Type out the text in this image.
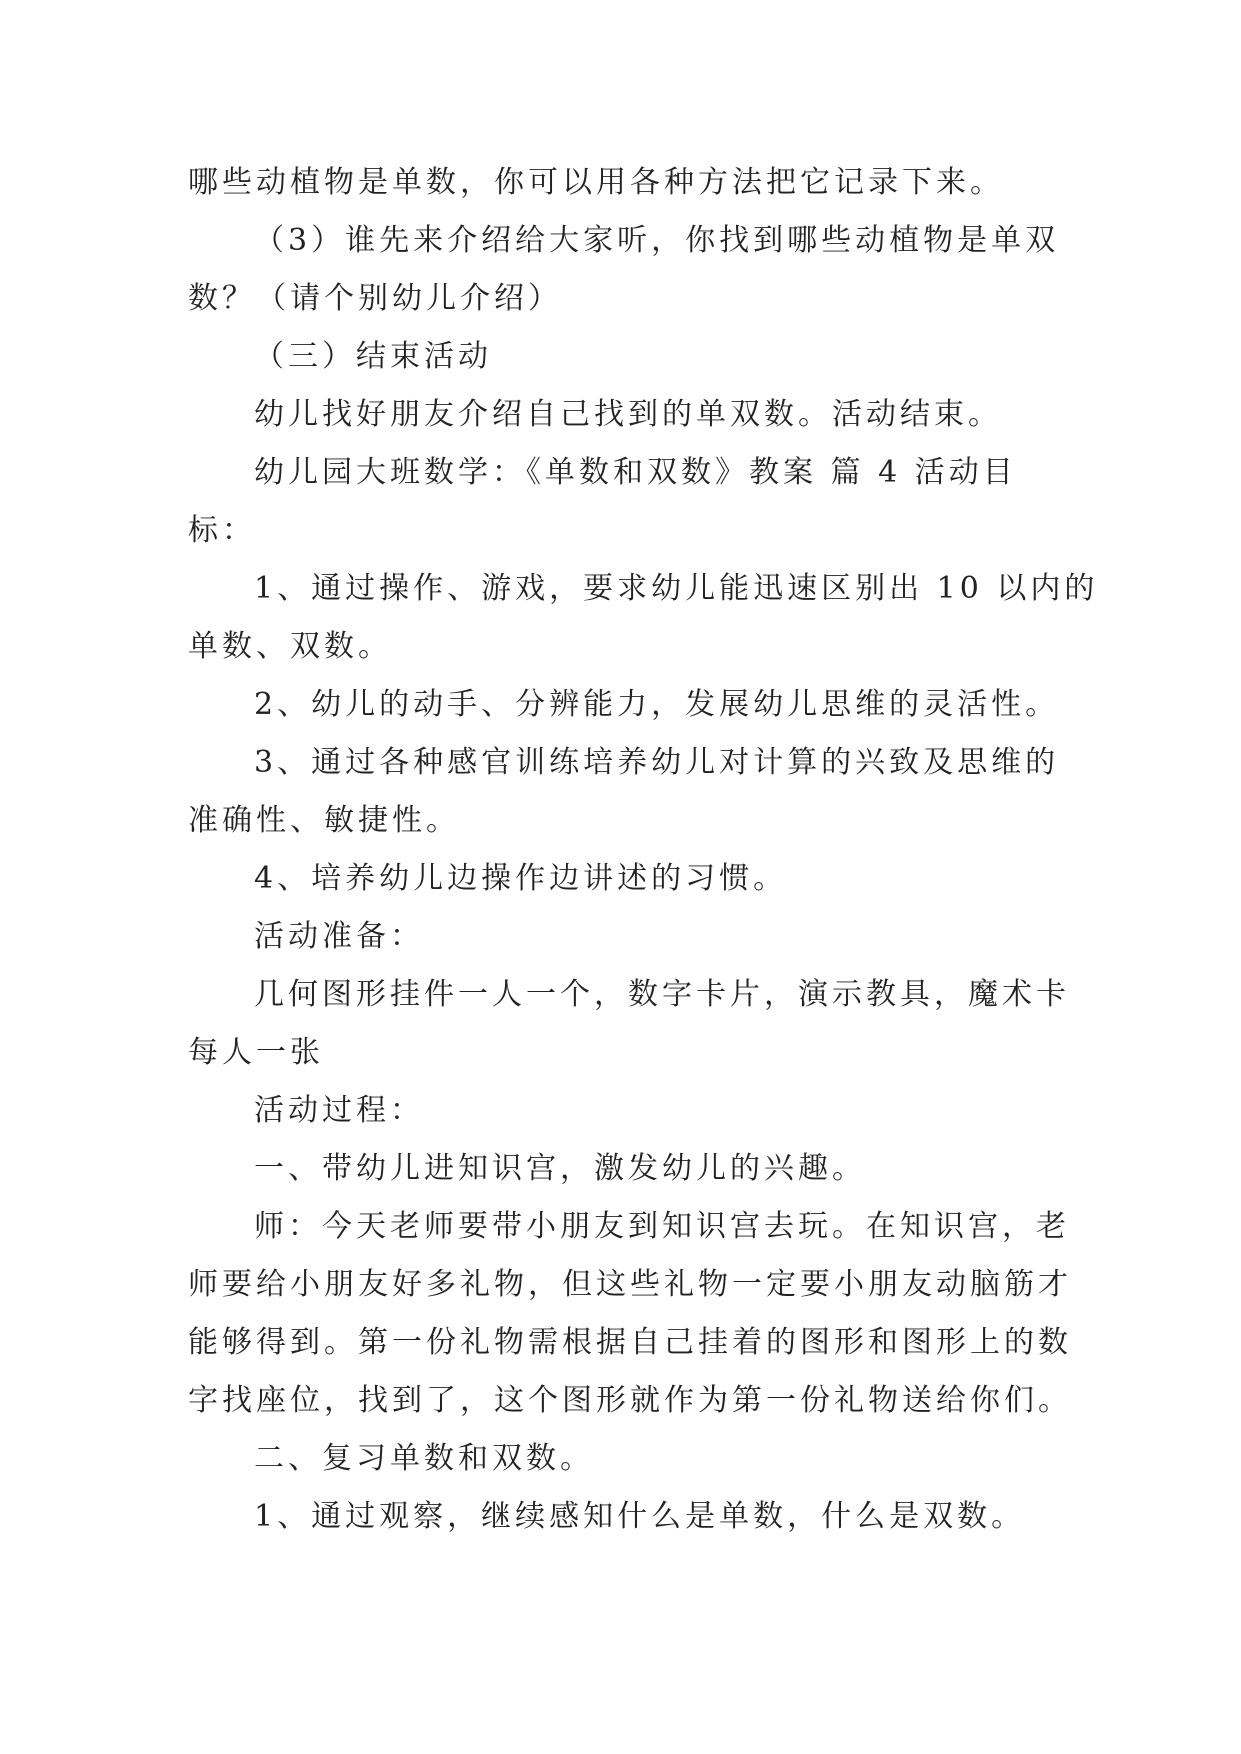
哪些动植物是单数，你可以用各种方法把它记录下来。
（3）谁先来介绍给大家听，你找到哪些动植物是单双
数？（请个别幼儿介绍）
（三）结束活动
幼儿找好朋友介绍自己找到的单双数。活动结束。
幼儿园大班数学：《单数和双数》教案 篇 4 活动目
标：
1、通过操作、游戏，要求幼儿能迅速区别出 10 以内的
单数、双数。
2、幼儿的动手、分辨能力，发展幼儿思维的灵活性。
3、通过各种感官训练培养幼儿对计算的兴致及思维的
准确性、敏捷性。
4、培养幼儿边操作边讲述的习惯。
活动准备：
几何图形挂件一人一个，数字卡片，演示教具，魔术卡
每人一张
活动过程：
一、带幼儿进知识宫，激发幼儿的兴趣。
师：今天老师要带小朋友到知识宫去玩。在知识宫，老
师要给小朋友好多礼物，但这些礼物一定要小朋友动脑筋才
能够得到。第一份礼物需根据自己挂着的图形和图形上的数
字找座位，找到了，这个图形就作为第一份礼物送给你们。
二、复习单数和双数。
1、通过观察，继续感知什么是单数，什么是双数。
